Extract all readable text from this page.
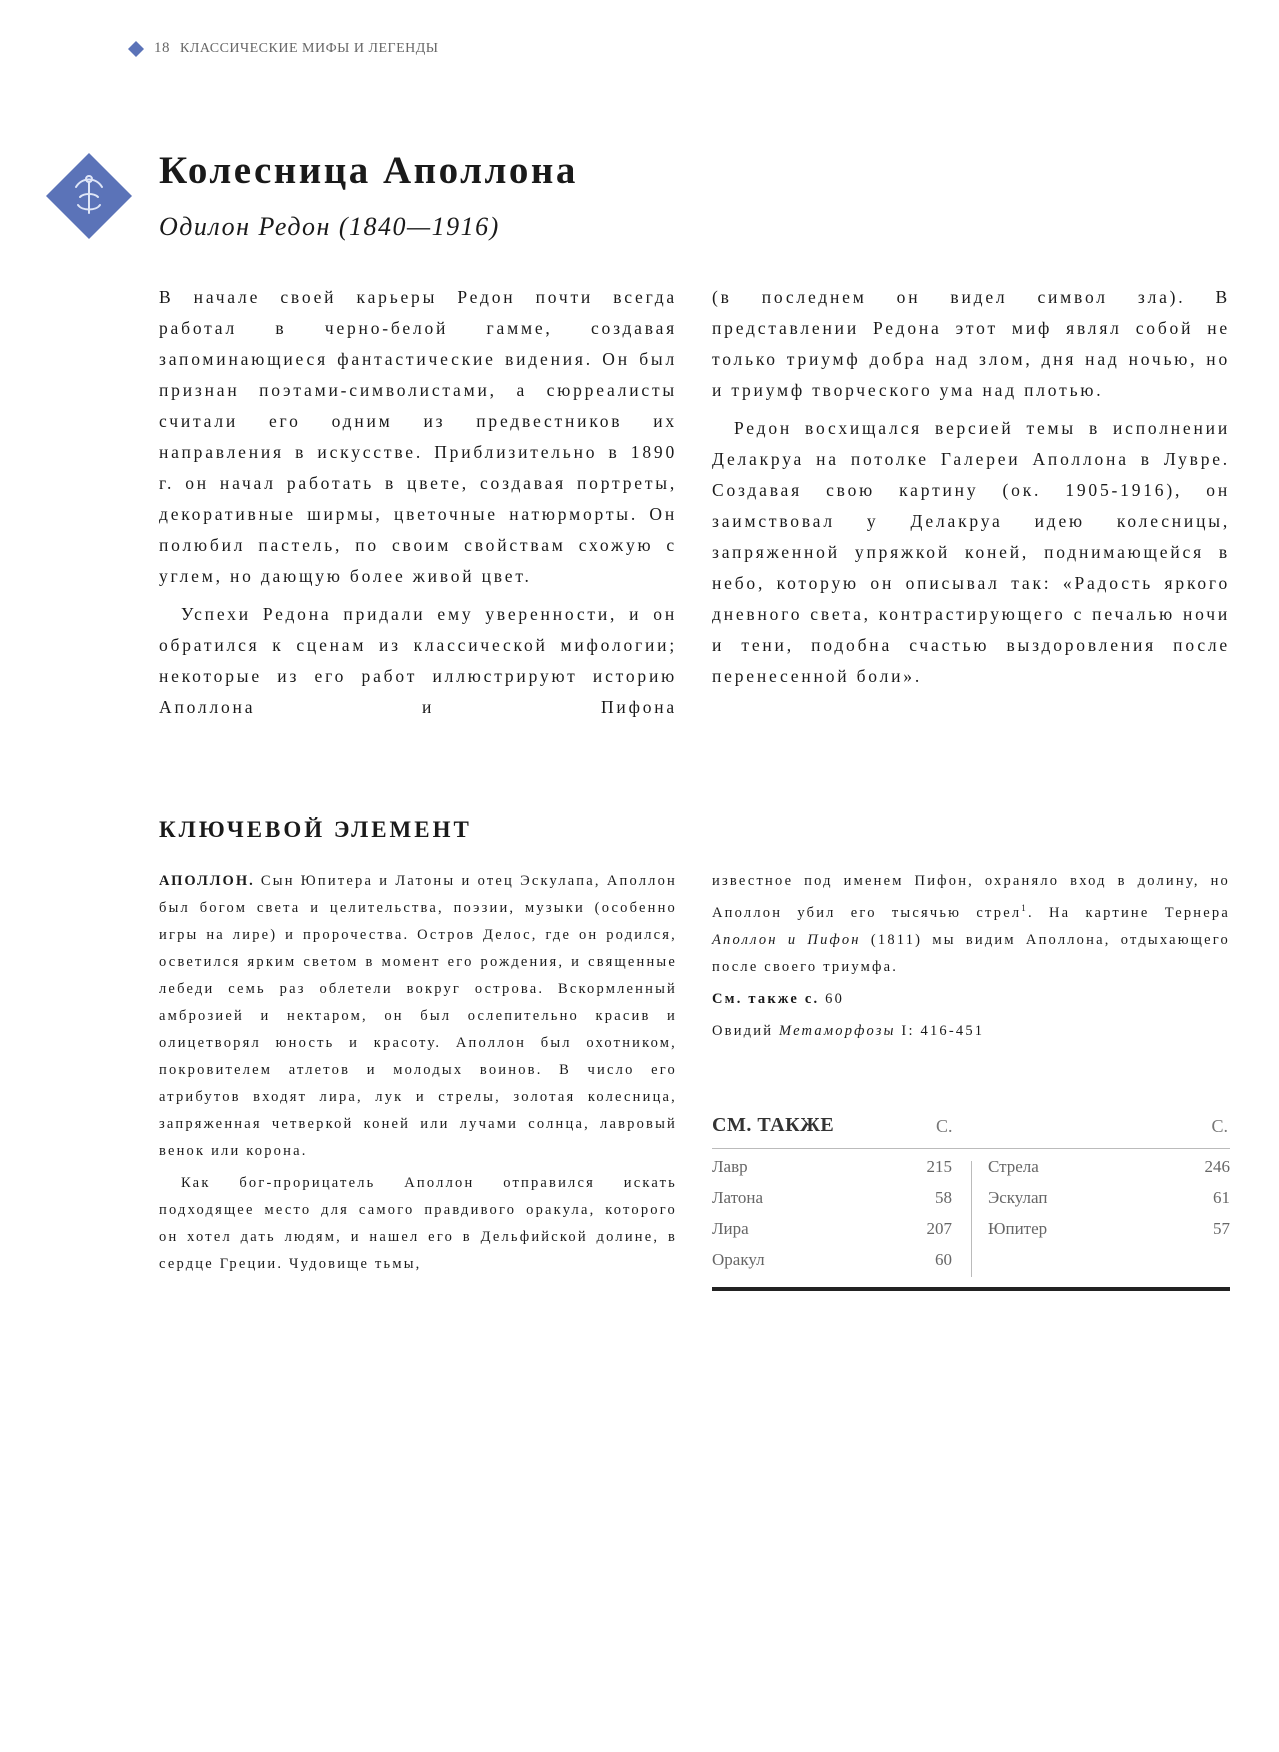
18 КЛАССИЧЕСКИЕ МИФЫ И ЛЕГЕНДЫ
Колесница Аполлона

Одилон Редон (1840—1916)

В начале своей карьеры Редон почти всегда работал в черно-белой гамме, создавая запоминающиеся фантастические видения. Он был признан поэтами-символистами, а сюрреалисты считали его одним из предвестников их направления в искусстве. Приблизительно в 1890 г. он начал работать в цвете, создавая портреты, декоративные ширмы, цветочные натюрморты. Он полюбил пастель, по своим свойствам схожую с углем, но дающую более живой цвет.

Успехи Редона придали ему уверенности, и он обратился к сценам из классической мифологии; некоторые из его работ иллюстрируют историю Аполлона и Пифона

(в последнем он видел символ зла). В представлении Редона этот миф являл собой не только триумф добра над злом, дня над ночью, но и триумф творческого ума над плотью.

Редон восхищался версией темы в исполнении Делакруа на потолке Галереи Аполлона в Лувре. Создавая свою картину (ок. 1905-1916), он заимствовал у Делакруа идею колесницы, запряженной упряжкой коней, поднимающейся в небо, которую он описывал так: «Радость яркого дневного света, контрастирующего с печалью ночи и тени, подобна счастью выздоровления после перенесенной боли».

КЛЮЧЕВОЙ ЭЛЕМЕНТ

АПОЛЛОН. Сын Юпитера и Латоны и отец Эскулапа, Аполлон был богом света и целительства, поэзии, музыки (особенно игры на лире) и пророчества. Остров Делос, где он родился, осветился ярким светом в момент его рождения, и священные лебеди семь раз облетели вокруг острова. Вскормленный амброзией и нектаром, он был ослепительно красив и олицетворял юность и красоту. Аполлон был охотником, покровителем атлетов и молодых воинов. В число его атрибутов входят лира, лук и стрелы, золотая колесница, запряженная четверкой коней или лучами солнца, лавровый венок или корона.

Как бог-прорицатель Аполлон отправился искать подходящее место для самого правдивого оракула, которого он хотел дать людям, и нашел его в Дельфийской долине, в сердце Греции. Чудовище тьмы,

известное под именем Пифон, охраняло вход в долину, но Аполлон убил его тысячью стрел$^1$. На картине Тернера Аполлон и Пифон (1811) мы видим Аполлона, отдыхающего после своего триумфа.

См. также с. 60

Овидий Метаморфозы I: 416-451

СМ. ТАКЖЕ	С.	С.
Лавр	215
Латона	58
Лира	207
Оракул	60
Стрела	246
Эскулап	61
Юпитер	57
